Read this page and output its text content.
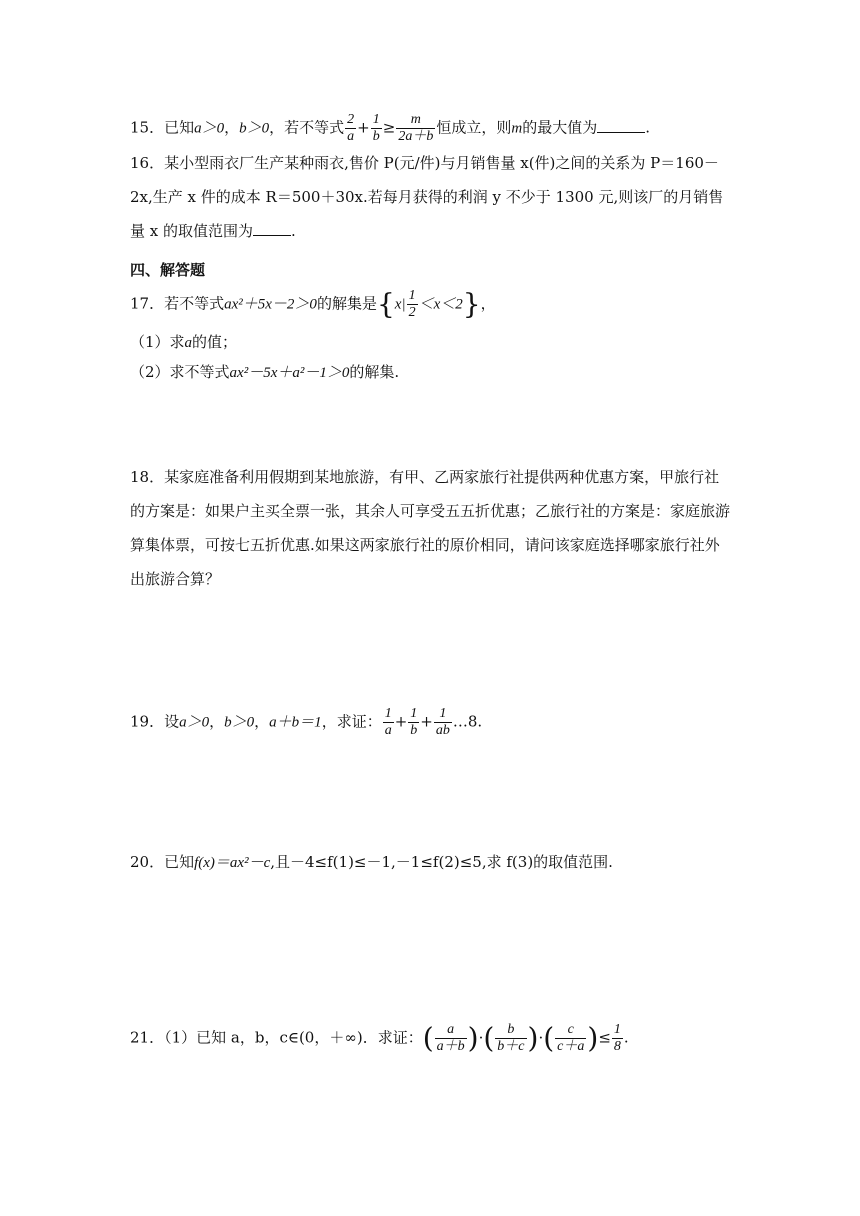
15．已知a＞0，b＞0，若不等式 $\frac{2}{a} + \frac{1}{b} \ge \frac{m}{2a+b}$ 恒成立，则m的最大值为	.
16．某小型雨衣厂生产某种雨衣,售价 P(元/件)与月销售量 x(件)之间的关系为 P＝160－2x,生产 x 件的成本 R＝500＋30x.若每月获得的利润 y 不少于 1300 元,则该厂的月销售量 x 的取值范围为	.
四、解答题
17．若不等式ax²＋5x－2＞0的解集是$\{x| \frac{1}{2} <x<2\}$，
（1）求a的值；
（2）求不等式ax²－5x＋a²－1＞0的解集.
18．某家庭准备利用假期到某地旅游，有甲、乙两家旅行社提供两种优惠方案，甲旅行社的方案是：如果户主买全票一张，其余人可享受五五折优惠；乙旅行社的方案是：家庭旅游算集体票，可按七五折优惠.如果这两家旅行社的原价相同，请问该家庭选择哪家旅行社外出旅游合算？
19．设a＞0，b＞0，a＋b＝1，求证： $\frac{1}{a} + \frac{1}{b} + \frac{1}{ab}$ …8.
20．已知f(x)＝ax²－c,且－4≤f(1)≤－1,－1≤f(2)≤5,求 f(3)的取值范围.
21．（1）已知 a，b，c∈(0，＋∞)．求证：( $\frac{a}{a+b}$ )·( $\frac{b}{b+c}$ )·( $\frac{c}{c+a}$ )≤ $\frac{1}{8}$ .
